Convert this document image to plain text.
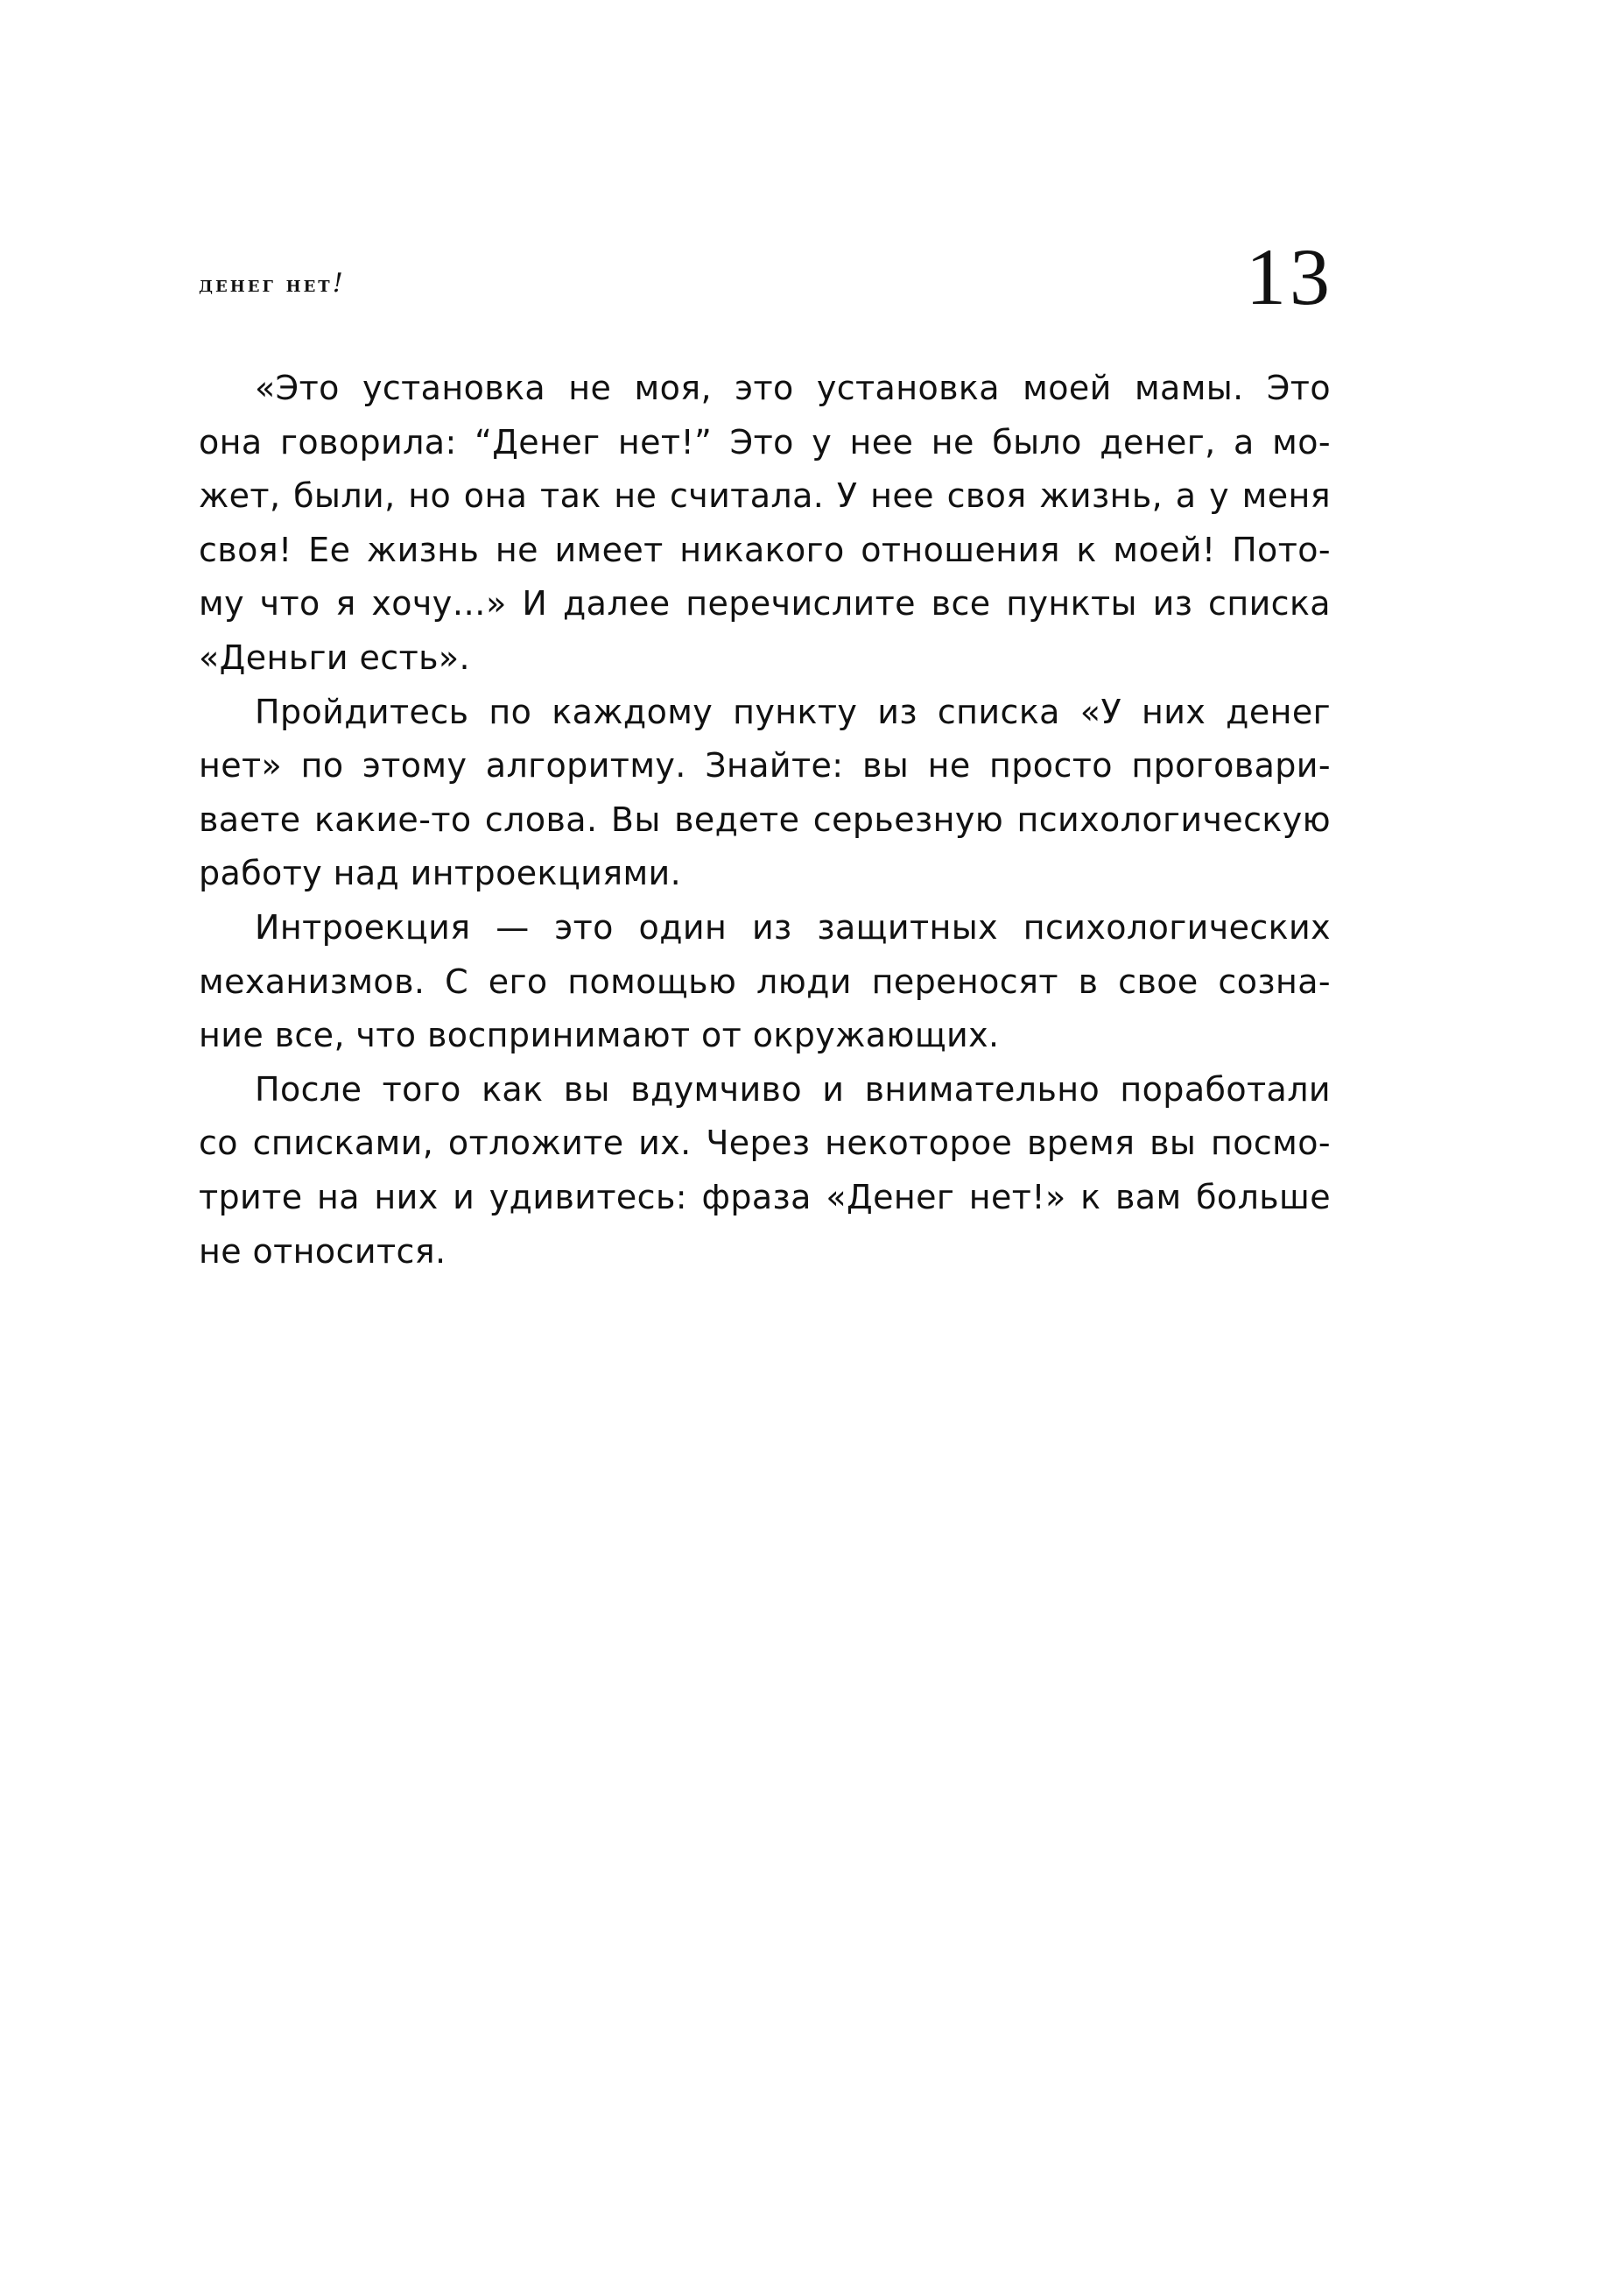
денег нет!	13
«Это установка не моя, это установка моей мамы. Это
она говорила: “Денег нет!” Это у нее не было денег, а мо-
жет, были, но она так не считала. У нее своя жизнь, а у меня
своя! Ее жизнь не имеет никакого отношения к моей! Пото-
му что я хочу…» И далее перечислите все пункты из списка
«Деньги есть».
Пройдитесь по каждому пункту из списка «У них денег
нет» по этому алгоритму. Знайте: вы не просто проговари-
ваете какие-то слова. Вы ведете серьезную психологическую
работу над интроекциями.
Интроекция — это один из защитных психологических
механизмов. С его помощью люди переносят в свое созна-
ние все, что воспринимают от окружающих.
После того как вы вдумчиво и внимательно поработали
со списками, отложите их. Через некоторое время вы посмо-
трите на них и удивитесь: фраза «Денег нет!» к вам больше
не относится.
